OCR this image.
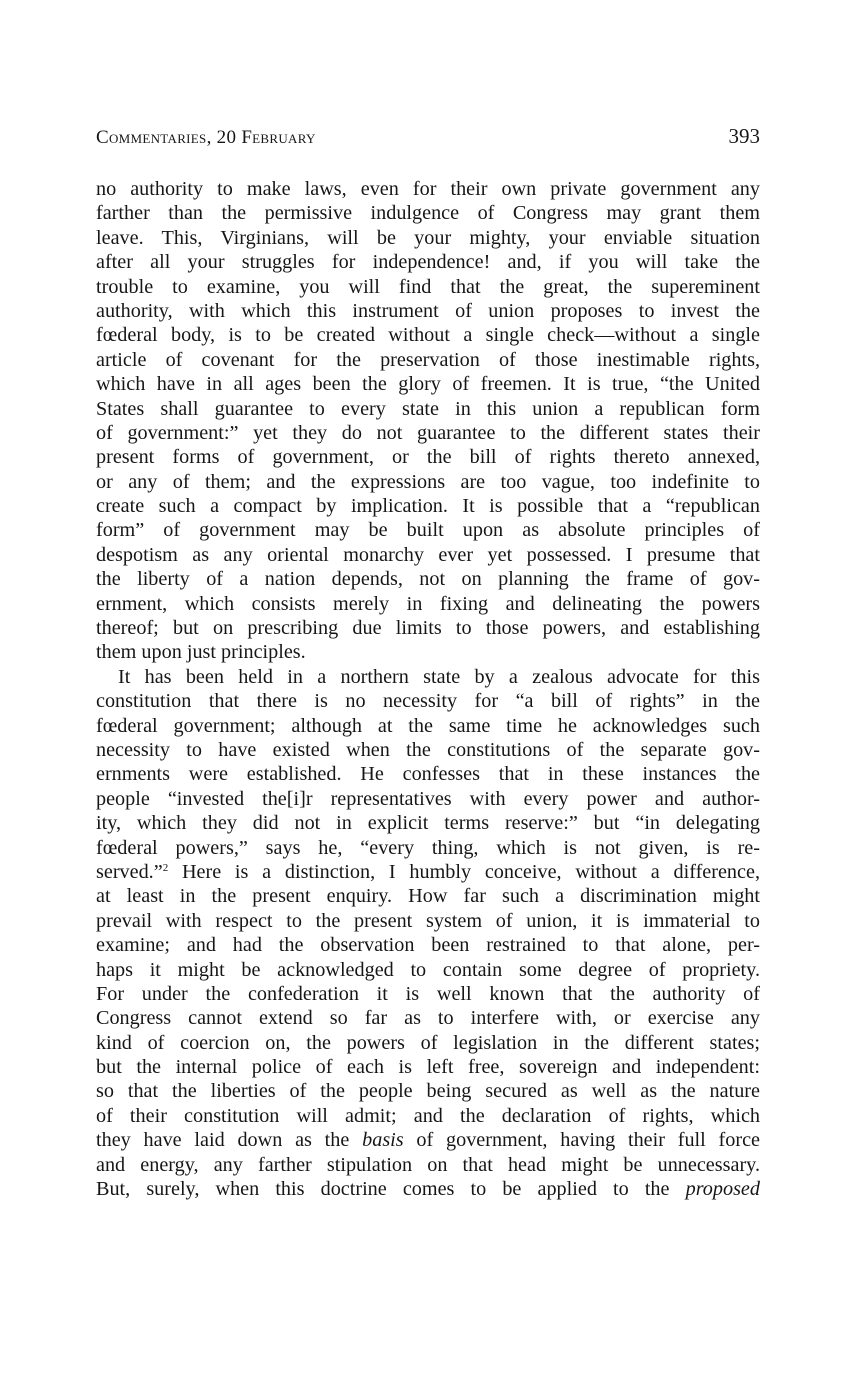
Commentaries, 20 February	393
no authority to make laws, even for their own private government any
farther than the permissive indulgence of Congress may grant them
leave. This, Virginians, will be your mighty, your enviable situation
after all your struggles for independence! and, if you will take the
trouble to examine, you will find that the great, the supereminent
authority, with which this instrument of union proposes to invest the
fœderal body, is to be created without a single check—without a single
article of covenant for the preservation of those inestimable rights,
which have in all ages been the glory of freemen. It is true, “the United
States shall guarantee to every state in this union a republican form
of government:” yet they do not guarantee to the different states their
present forms of government, or the bill of rights thereto annexed,
or any of them; and the expressions are too vague, too indefinite to
create such a compact by implication. It is possible that a “republican
form” of government may be built upon as absolute principles of
despotism as any oriental monarchy ever yet possessed. I presume that
the liberty of a nation depends, not on planning the frame of gov-
ernment, which consists merely in fixing and delineating the powers
thereof; but on prescribing due limits to those powers, and establishing
them upon just principles.
It has been held in a northern state by a zealous advocate for this
constitution that there is no necessity for “a bill of rights” in the
fœderal government; although at the same time he acknowledges such
necessity to have existed when the constitutions of the separate gov-
ernments were established. He confesses that in these instances the
people “invested the[i]r representatives with every power and author-
ity, which they did not in explicit terms reserve:” but “in delegating
fœderal powers,” says he, “every thing, which is not given, is re-
served.”$^2$ Here is a distinction, I humbly conceive, without a difference,
at least in the present enquiry. How far such a discrimination might
prevail with respect to the present system of union, it is immaterial to
examine; and had the observation been restrained to that alone, per-
haps it might be acknowledged to contain some degree of propriety.
For under the confederation it is well known that the authority of
Congress cannot extend so far as to interfere with, or exercise any
kind of coercion on, the powers of legislation in the different states;
but the internal police of each is left free, sovereign and independent:
so that the liberties of the people being secured as well as the nature
of their constitution will admit; and the declaration of rights, which
they have laid down as the basis of government, having their full force
and energy, any farther stipulation on that head might be unnecessary.
But, surely, when this doctrine comes to be applied to the proposed
